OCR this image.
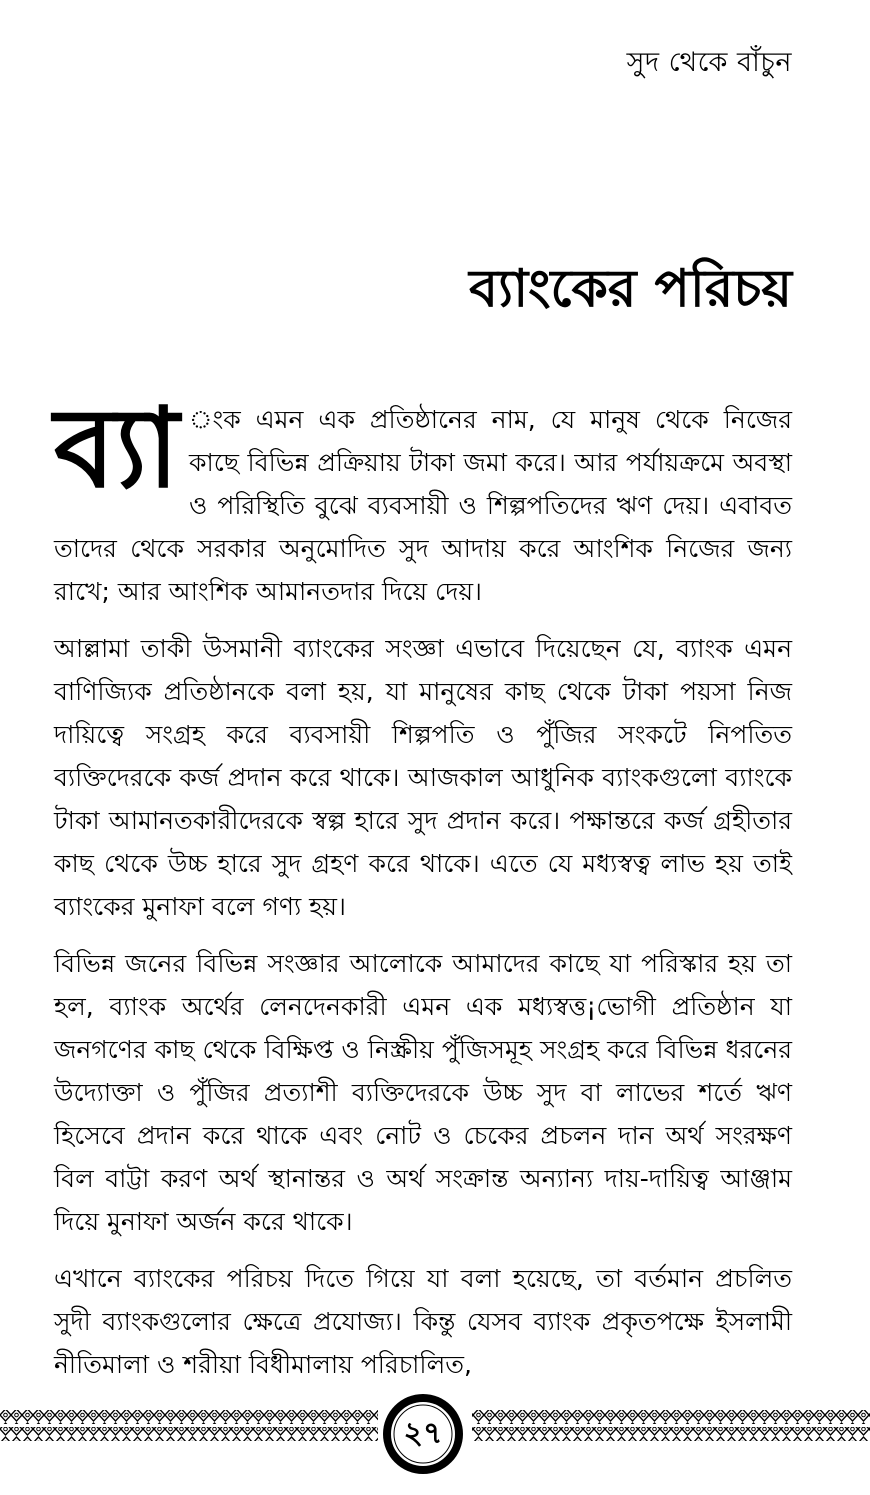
সুদ থেকে বাঁচুন
ব্যাংকের পরিচয়

ব্যা ংক এমন এক প্রতিষ্ঠানের নাম, যে মানুষ থেকে নিজের কাছে বিভিন্ন প্রক্রিয়ায় টাকা জমা করে। আর পর্যায়ক্রমে অবস্থা ও পরিস্থিতি বুঝে ব্যবসায়ী ও শিল্পপতিদের ঋণ দেয়। এবাবত তাদের থেকে সরকার অনুমোদিত সুদ আদায় করে আংশিক নিজের জন্য রাখে; আর আংশিক আমানতদার দিয়ে দেয়।

আল্লামা তাকী উসমানী ব্যাংকের সংজ্ঞা এভাবে দিয়েছেন যে, ব্যাংক এমন বাণিজ্যিক প্রতিষ্ঠানকে বলা হয়, যা মানুষের কাছ থেকে টাকা পয়সা নিজ দায়িত্বে সংগ্রহ করে ব্যবসায়ী শিল্পপতি ও পুঁজির সংকটে নিপতিত ব্যক্তিদেরকে কর্জ প্রদান করে থাকে। আজকাল আধুনিক ব্যাংকগুলো ব্যাংকে টাকা আমানতকারীদেরকে স্বল্প হারে সুদ প্রদান করে। পক্ষান্তরে কর্জ গ্রহীতার কাছ থেকে উচ্চ হারে সুদ গ্রহণ করে থাকে। এতে যে মধ্যস্বত্ব লাভ হয় তাই ব্যাংকের মুনাফা বলে গণ্য হয়।

বিভিন্ন জনের বিভিন্ন সংজ্ঞার আলোকে আমাদের কাছে যা পরিস্কার হয় তা হল, ব্যাংক অর্থের লেনদেনকারী এমন এক মধ্যস্বত্ত¡ভোগী প্রতিষ্ঠান যা জনগণের কাছ থেকে বিক্ষিপ্ত ও নিস্ক্রীয় পুঁজিসমূহ সংগ্রহ করে বিভিন্ন ধরনের উদ্যোক্তা ও পুঁজির প্রত্যাশী ব্যক্তিদেরকে উচ্চ সুদ বা লাভের শর্তে ঋণ হিসেবে প্রদান করে থাকে এবং নোট ও চেকের প্রচলন দান অর্থ সংরক্ষণ বিল বাট্টা করণ অর্থ স্থানান্তর ও অর্থ সংক্রান্ত অন্যান্য দায়-দায়িত্ব আঞ্জাম দিয়ে মুনাফা অর্জন করে থাকে।

এখানে ব্যাংকের পরিচয় দিতে গিয়ে যা বলা হয়েছে, তা বর্তমান প্রচলিত সুদী ব্যাংকগুলোর ক্ষেত্রে প্রযোজ্য। কিন্তু যেসব ব্যাংক প্রকৃতপক্ষে ইসলামী নীতিমালা ও শরীয়া বিধীমালায় পরিচালিত,

২৭
